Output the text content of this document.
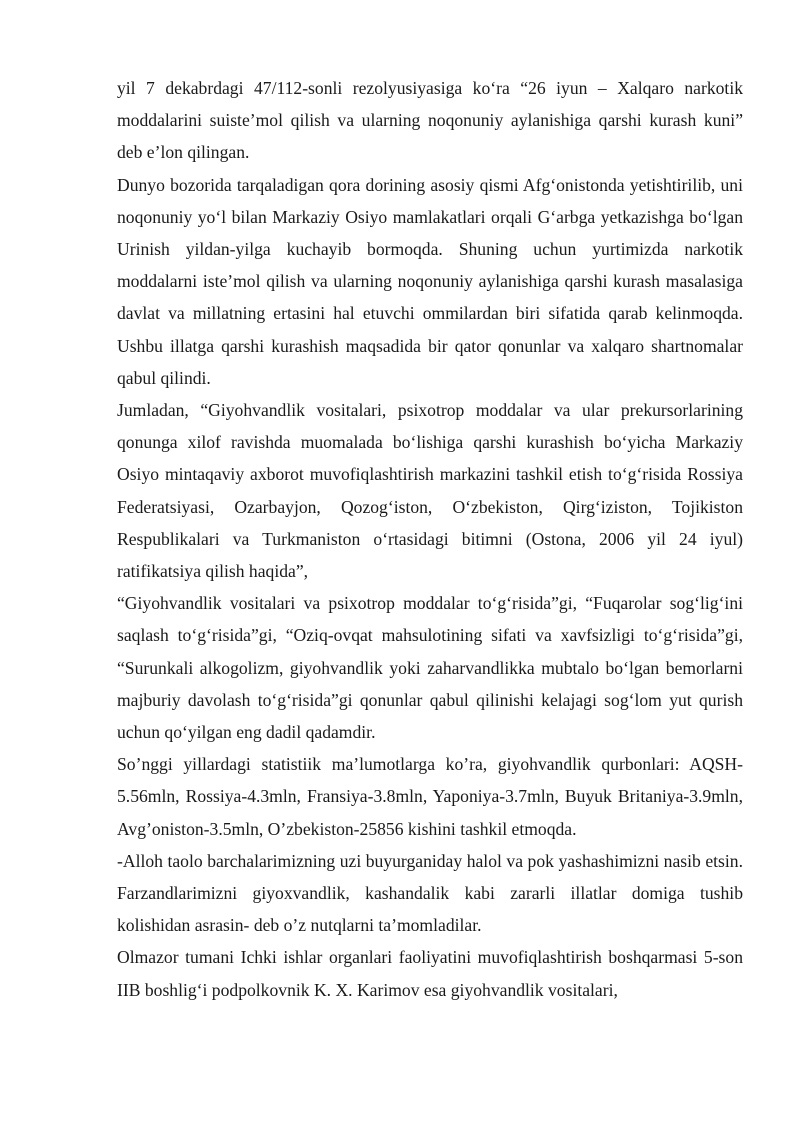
yil 7 dekabrdagi 47/112-sonli rezolyusiyasiga ko‘ra “26 iyun – Xalqaro narkotik moddalarini suiste’mol qilish va ularning noqonuniy aylanishiga qarshi kurash kuni” deb e’lon qilingan.

Dunyo bozorida tarqaladigan qora dorining asosiy qismi Afg‘onistonda yetishtirilib, uni noqonuniy yo‘l bilan Markaziy Osiyo mamlakatlari orqali G‘arbga yetkazishga bo‘lgan Urinish yildan-yilga kuchayib bormoqda. Shuning uchun yurtimizda narkotik moddalarni iste’mol qilish va ularning noqonuniy aylanishiga qarshi kurash masalasiga davlat va millatning ertasini hal etuvchi ommilardan biri sifatida qarab kelinmoqda. Ushbu illatga qarshi kurashish maqsadida bir qator qonunlar va xalqaro shartnomalar qabul qilindi.

Jumladan, “Giyohvandlik vositalari, psixotrop moddalar va ular prekursorlarining qonunga xilof ravishda muomalada bo‘lishiga qarshi kurashish bo‘yicha Markaziy Osiyo mintaqaviy axborot muvofiqlashtirish markazini tashkil etish to‘g‘risida Rossiya Federatsiyasi, Ozarbayjon, Qozog‘iston, O‘zbekiston, Qirg‘iziston, Tojikiston Respublikalari va Turkmaniston o‘rtasidagi bitimni (Ostona, 2006 yil 24 iyul) ratifikatsiya qilish haqida”,

“Giyohvandlik vositalari va psixotrop moddalar to‘g‘risida”gi, “Fuqarolar sog‘lig‘ini saqlash to‘g‘risida”gi, “Oziq-ovqat mahsulotining sifati va xavfsizligi to‘g‘risida”gi, “Surunkali alkogolizm, giyohvandlik yoki zaharvandlikka mubtalo bo‘lgan bemorlarni majburiy davolash to‘g‘risida”gi qonunlar qabul qilinishi kelajagi sog‘lom yut qurish uchun qo‘yilgan eng dadil qadamdir.

So’nggi yillardagi statistiik ma’lumotlarga ko’ra, giyohvandlik qurbonlari: AQSH-5.56mln, Rossiya-4.3mln, Fransiya-3.8mln, Yaponiya-3.7mln, Buyuk Britaniya-3.9mln, Avg’oniston-3.5mln, O’zbekiston-25856 kishini tashkil etmoqda.

-Alloh taolo barchalarimizning uzi buyurganiday halol va pok yashashimizni nasib etsin. Farzandlarimizni giyoxvandlik, kashandalik kabi zararli illatlar domiga tushib kolishidan asrasin- deb o’z nutqlarni ta’momladilar.

Olmazor tumani Ichki ishlar organlari faoliyatini muvofiqlashtirish boshqarmasi 5-son IIB boshlig‘i podpolkovnik K. X. Karimov esa giyohvandlik vositalari,
